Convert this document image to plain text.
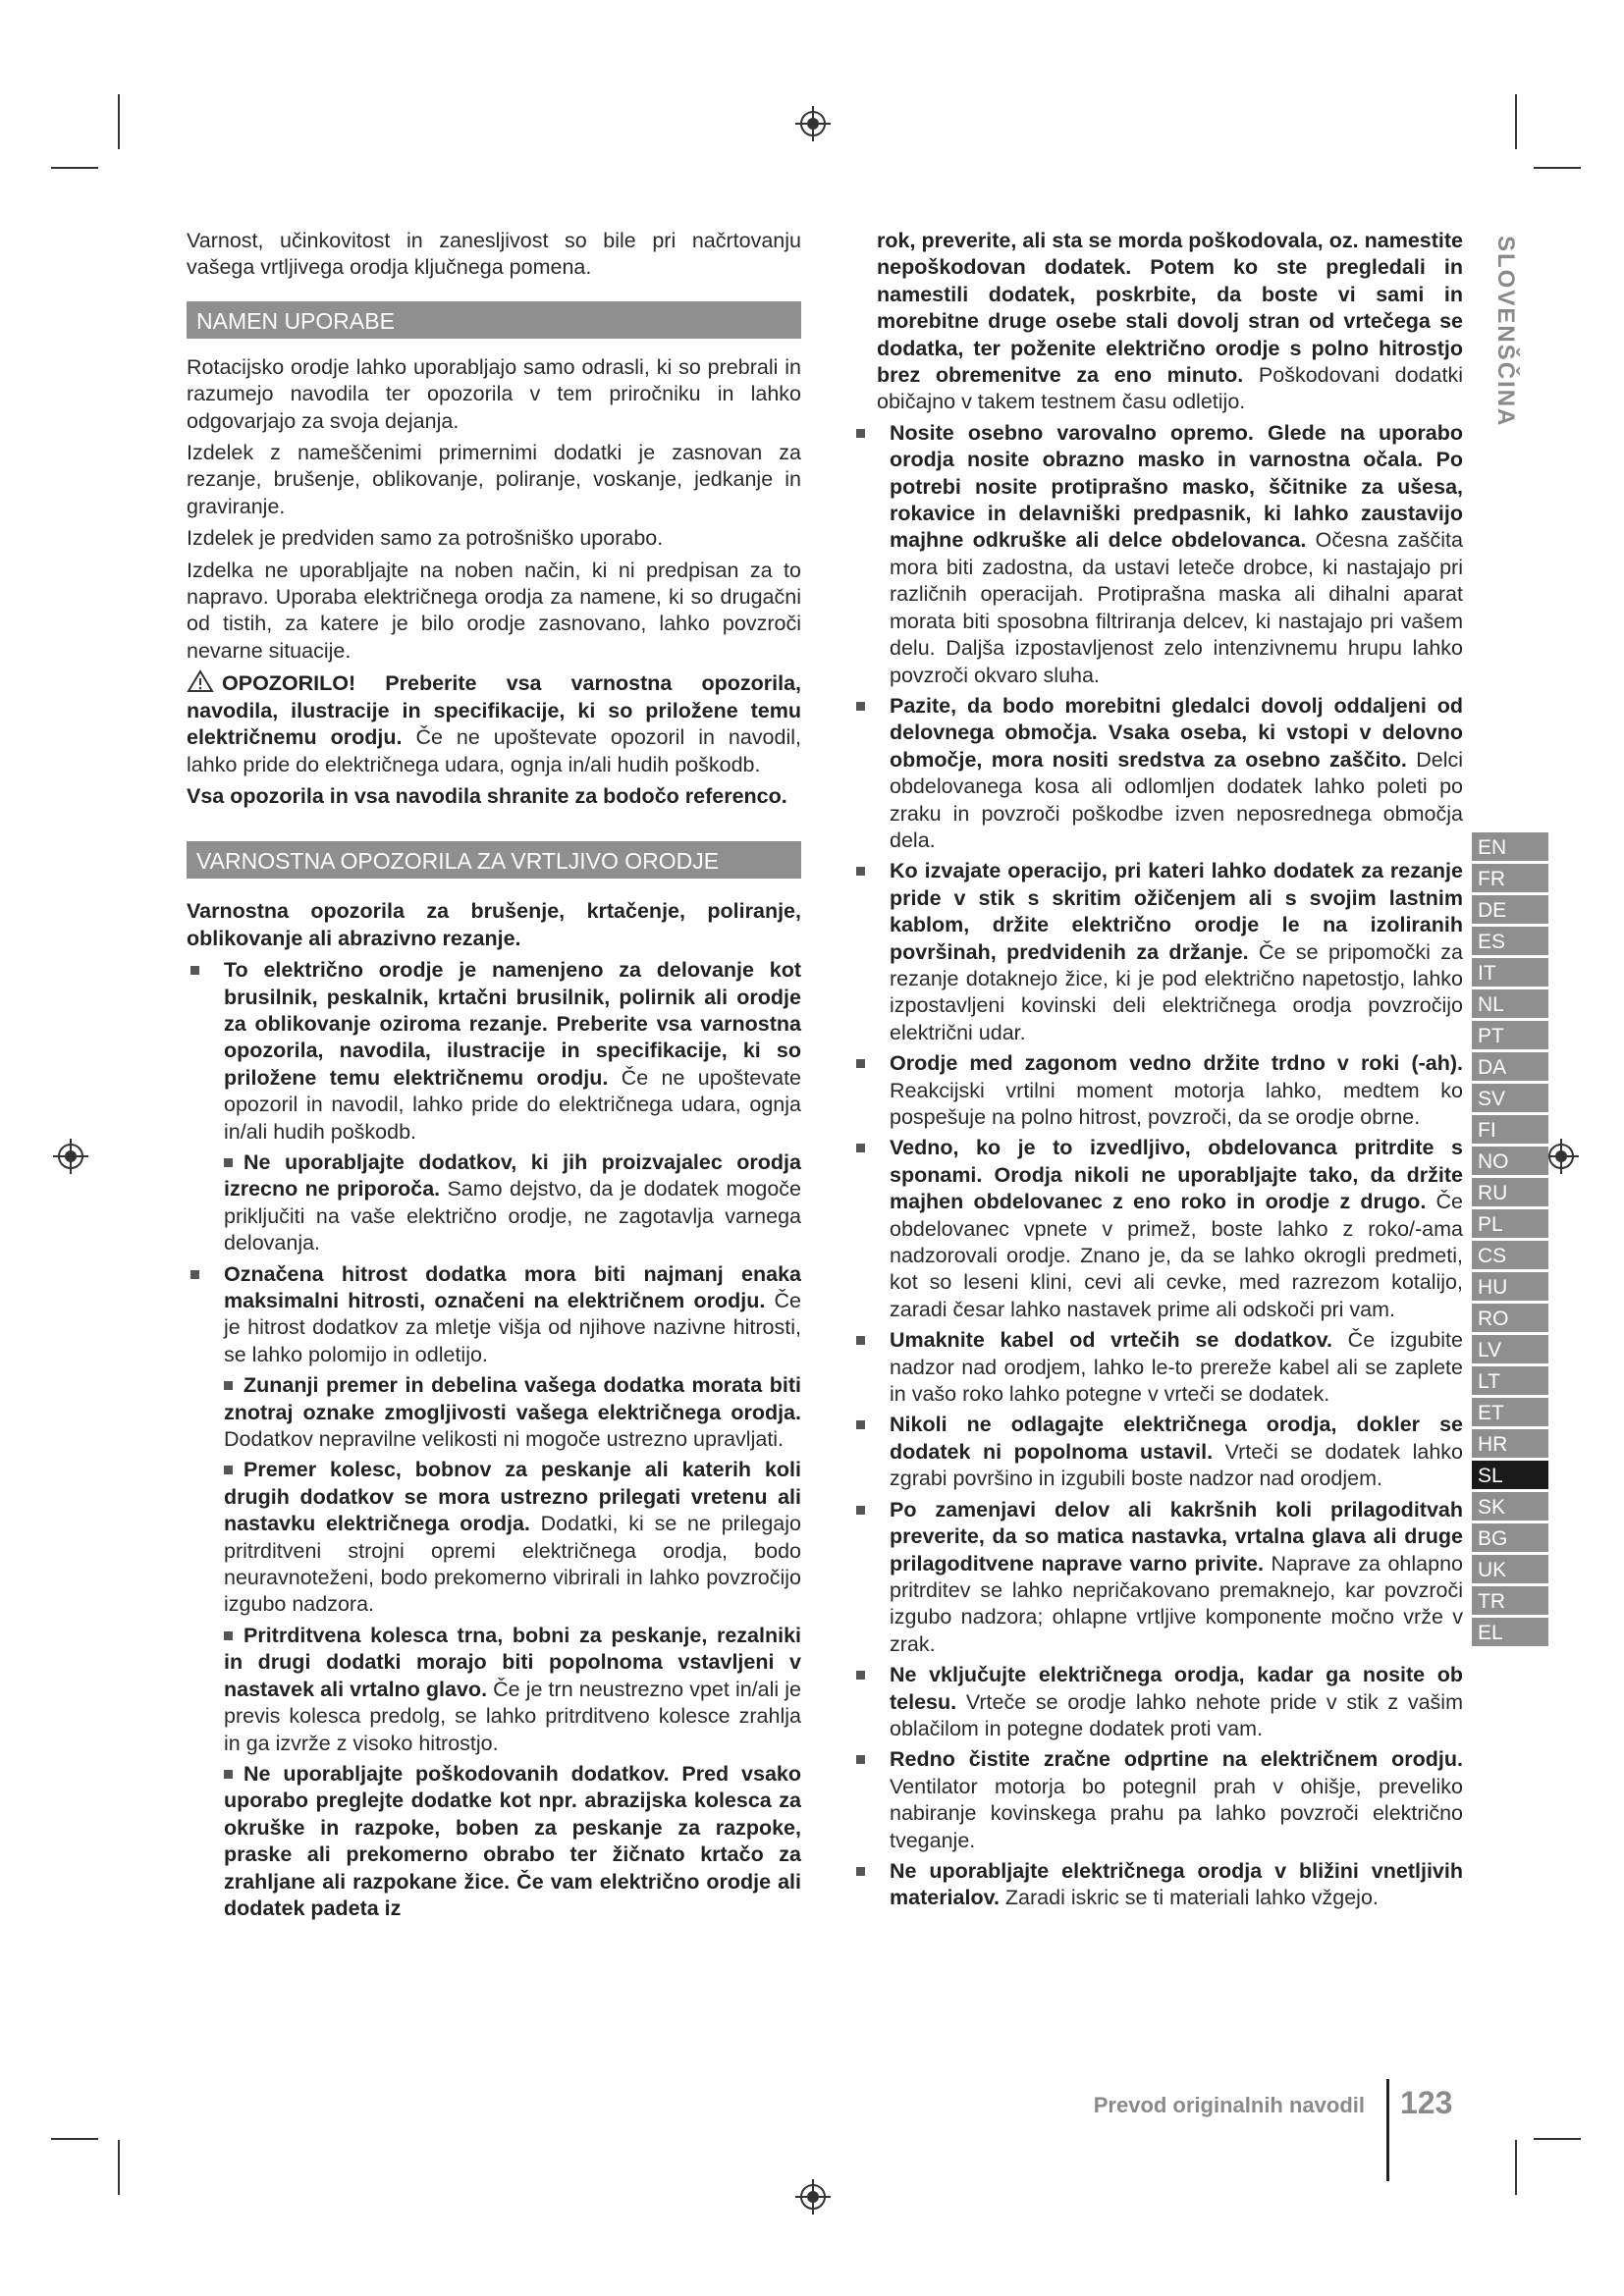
SLOVENŠČINA
EN
FR
DE
ES
IT
NL
PT
DA
SV
FI
NO
RU
PL
CS
HU
RO
LV
LT
ET
HR
SL
SK
BG
UK
TR
EL

Varnost, učinkovitost in zanesljivost so bile pri načrtovanju vašega vrtljivega orodja ključnega pomena.

NAMEN UPORABE

Rotacijsko orodje lahko uporabljajo samo odrasli, ki so prebrali in razumejo navodila ter opozorila v tem priročniku in lahko odgovarjajo za svoja dejanja.

Izdelek z nameščenimi primernimi dodatki je zasnovan za rezanje, brušenje, oblikovanje, poliranje, voskanje, jedkanje in graviranje.

Izdelek je predviden samo za potrošniško uporabo.

Izdelka ne uporabljajte na noben način, ki ni predpisan za to napravo. Uporaba električnega orodja za namene, ki so drugačni od tistih, za katere je bilo orodje zasnovano, lahko povzroči nevarne situacije.

OPOZORILO! Preberite vsa varnostna opozorila, navodila, ilustracije in specifikacije, ki so priložene temu električnemu orodju. Če ne upoštevate opozoril in navodil, lahko pride do električnega udara, ognja in/ali hudih poškodb.

Vsa opozorila in vsa navodila shranite za bodočo referenco.

VARNOSTNA OPOZORILA ZA VRTLJIVO ORODJE

Varnostna opozorila za brušenje, krtačenje, poliranje, oblikovanje ali abrazivno rezanje.

To električno orodje je namenjeno za delovanje kot brusilnik, peskalnik, krtačni brusilnik, polirnik ali orodje za oblikovanje oziroma rezanje. Preberite vsa varnostna opozorila, navodila, ilustracije in specifikacije, ki so priložene temu električnemu orodju. Če ne upoštevate opozoril in navodil, lahko pride do električnega udara, ognja in/ali hudih poškodb.
Ne uporabljajte dodatkov, ki jih proizvajalec orodja izrecno ne priporoča. Samo dejstvo, da je dodatek mogoče priključiti na vaše električno orodje, ne zagotavlja varnega delovanja.
Označena hitrost dodatka mora biti najmanj enaka maksimalni hitrosti, označeni na električnem orodju. Če je hitrost dodatkov za mletje višja od njihove nazivne hitrosti, se lahko polomijo in odletijo.
Zunanji premer in debelina vašega dodatka morata biti znotraj oznake zmogljivosti vašega električnega orodja. Dodatkov nepravilne velikosti ni mogoče ustrezno upravljati.
Premer kolesc, bobnov za peskanje ali katerih koli drugih dodatkov se mora ustrezno prilegati vretenu ali nastavku električnega orodja. Dodatki, ki se ne prilegajo pritrditveni strojni opremi električnega orodja, bodo neuravnoteženi, bodo prekomerno vibrirali in lahko povzročijo izgubo nadzora.
Pritrditvena kolesca trna, bobni za peskanje, rezalniki in drugi dodatki morajo biti popolnoma vstavljeni v nastavek ali vrtalno glavo. Če je trn neustrezno vpet in/ali je previs kolesca predolg, se lahko pritrditveno kolesce zrahlja in ga izvrže z visoko hitrostjo.
Ne uporabljajte poškodovanih dodatkov. Pred vsako uporabo preglejte dodatke kot npr. abrazijska kolesca za okruške in razpoke, boben za peskanje za razpoke, praske ali prekomerno obrabo ter žičnato krtačo za zrahljane ali razpokane žice. Če vam električno orodje ali dodatek padeta iz
rok, preverite, ali sta se morda poškodovala, oz. namestite nepoškodovan dodatek. Potem ko ste pregledali in namestili dodatek, poskrbite, da boste vi sami in morebitne druge osebe stali dovolj stran od vrtečega se dodatka, ter poženite električno orodje s polno hitrostjo brez obremenitve za eno minuto. Poškodovani dodatki običajno v takem testnem času odletijo.
Nosite osebno varovalno opremo. Glede na uporabo orodja nosite obrazno masko in varnostna očala. Po potrebi nosite protiprašno masko, ščitnike za ušesa, rokavice in delavniški predpasnik, ki lahko zaustavijo majhne odkruške ali delce obdelovanca. Očesna zaščita mora biti zadostna, da ustavi leteče drobce, ki nastajajo pri različnih operacijah. Protiprašna maska ali dihalni aparat morata biti sposobna filtriranja delcev, ki nastajajo pri vašem delu. Daljša izpostavljenost zelo intenzivnemu hrupu lahko povzroči okvaro sluha.
Pazite, da bodo morebitni gledalci dovolj oddaljeni od delovnega območja. Vsaka oseba, ki vstopi v delovno območje, mora nositi sredstva za osebno zaščito. Delci obdelovanega kosa ali odlomljen dodatek lahko poleti po zraku in povzroči poškodbe izven neposrednega območja dela.
Ko izvajate operacijo, pri kateri lahko dodatek za rezanje pride v stik s skritim ožičenjem ali s svojim lastnim kablom, držite električno orodje le na izoliranih površinah, predvidenih za držanje. Če se pripomočki za rezanje dotaknejo žice, ki je pod električno napetostjo, lahko izpostavljeni kovinski deli električnega orodja povzročijo električni udar.
Orodje med zagonom vedno držite trdno v roki (-ah). Reakcijski vrtilni moment motorja lahko, medtem ko pospešuje na polno hitrost, povzroči, da se orodje obrne.
Vedno, ko je to izvedljivo, obdelovanca pritrdite s sponami. Orodja nikoli ne uporabljajte tako, da držite majhen obdelovanec z eno roko in orodje z drugo. Če obdelovanec vpnete v primež, boste lahko z roko/-ama nadzorovali orodje. Znano je, da se lahko okrogli predmeti, kot so leseni klini, cevi ali cevke, med razrezom kotalijo, zaradi česar lahko nastavek prime ali odskoči pri vam.
Umaknite kabel od vrtečih se dodatkov. Če izgubite nadzor nad orodjem, lahko le-to prereže kabel ali se zaplete in vašo roko lahko potegne v vrteči se dodatek.
Nikoli ne odlagajte električnega orodja, dokler se dodatek ni popolnoma ustavil. Vrteči se dodatek lahko zgrabi površino in izgubili boste nadzor nad orodjem.
Po zamenjavi delov ali kakršnih koli prilagoditvah preverite, da so matica nastavka, vrtalna glava ali druge prilagoditvene naprave varno privite. Naprave za ohlapno pritrditev se lahko nepričakovano premaknejo, kar povzroči izgubo nadzora; ohlapne vrtljive komponente močno vrže v zrak.
Ne vključujte električnega orodja, kadar ga nosite ob telesu. Vrteče se orodje lahko nehote pride v stik z vašim oblačilom in potegne dodatek proti vam.
Redno čistite zračne odprtine na električnem orodju. Ventilator motorja bo potegnil prah v ohišje, preveliko nabiranje kovinskega prahu pa lahko povzroči električno tveganje.
Ne uporabljajte električnega orodja v bližini vnetljivih materialov. Zaradi iskric se ti materiali lahko vžgejo.
Prevod originalnih navodil 123
